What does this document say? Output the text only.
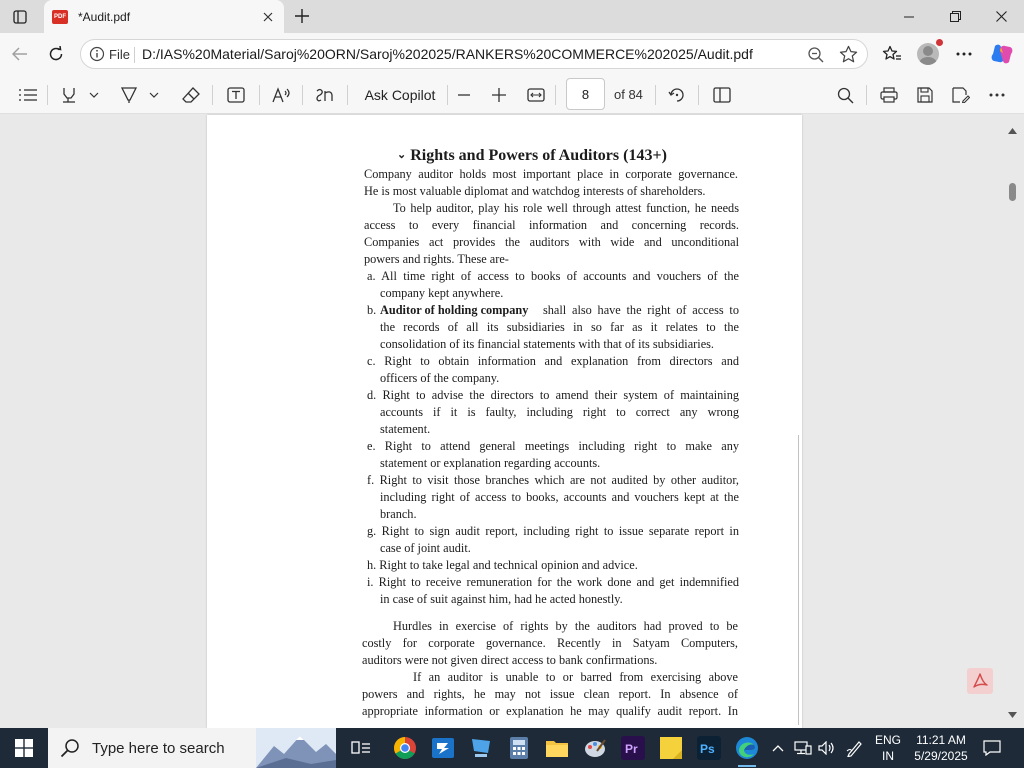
PDF *Audit.pdf
File D:/IAS%20Material/Saroj%20ORN/Saroj%202025/RANKERS%20COMMERCE%202025/Audit.pdf
Ask Copilot	8	of 84
⌄ Rights and Powers of Auditors (143+)
Company auditor holds most important place in corporate governance.
He is most valuable diplomat and watchdog interests of shareholders.
To help auditor, play his role well through attest function, he needs
access to every financial information and concerning records.
Companies act provides the auditors with wide and unconditional
powers and rights. These are-
a. All time right of access to books of accounts and vouchers of the
company kept anywhere.
b. Auditor of holding company shall also have the right of access to
the records of all its subsidiaries in so far as it relates to the
consolidation of its financial statements with that of its subsidiaries.
c. Right to obtain information and explanation from directors and
officers of the company.
d. Right to advise the directors to amend their system of maintaining
accounts if it is faulty, including right to correct any wrong
statement.
e. Right to attend general meetings including right to make any
statement or explanation regarding accounts.
f. Right to visit those branches which are not audited by other auditor,
including right of access to books, accounts and vouchers kept at the
branch.
g. Right to sign audit report, including right to issue separate report in
case of joint audit.
h. Right to take legal and technical opinion and advice.
i. Right to receive remuneration for the work done and get indemnified
in case of suit against him, had he acted honestly.
Hurdles in exercise of rights by the auditors had proved to be
costly for corporate governance. Recently in Satyam Computers,
auditors were not given direct access to bank confirmations.
If an auditor is unable to or barred from exercising above
powers and rights, he may not issue clean report. In absence of
appropriate information or explanation he may qualify audit report. In
Type here to search	Pr	Ps
ENG
IN
11:21 AM
5/29/2025
